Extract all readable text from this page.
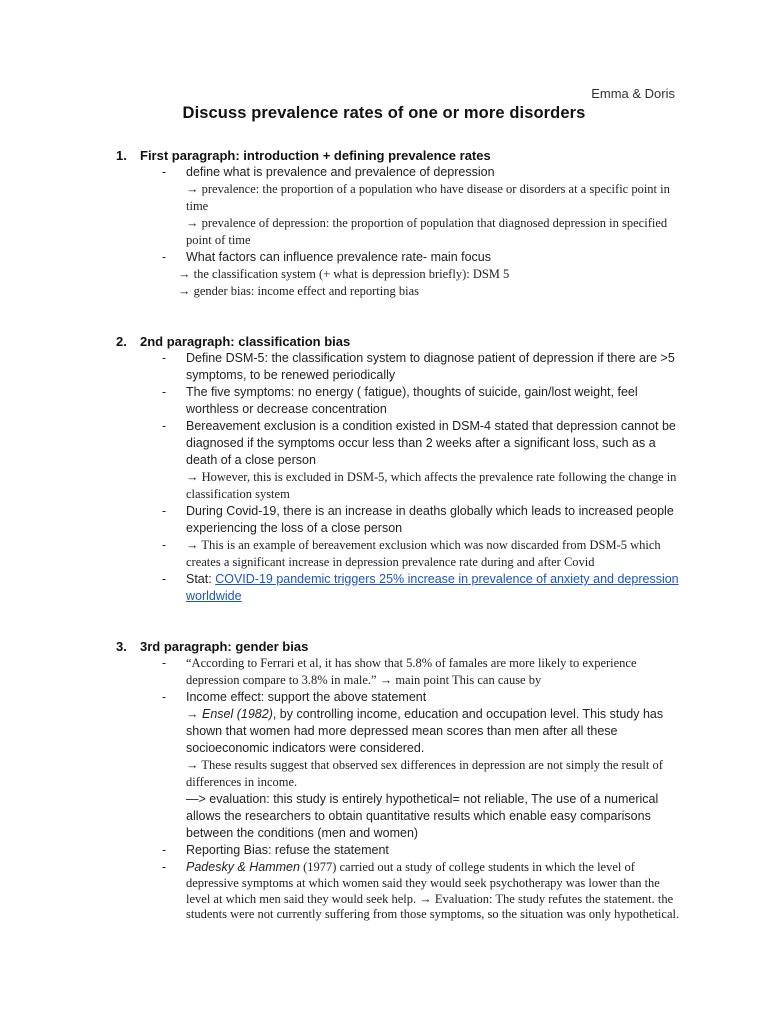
Emma & Doris
Discuss prevalence rates of one or more disorders
1. First paragraph: introduction + defining prevalence rates
- define what is prevalence and prevalence of depression
→ prevalence: the proportion of a population who have disease or disorders at a specific point in time
→ prevalence of depression: the proportion of population that diagnosed depression in specified point of time
- What factors can influence prevalence rate- main focus
→ the classification system (+ what is depression briefly): DSM 5
→ gender bias: income effect and reporting bias
2. 2nd paragraph: classification bias
- Define DSM-5: the classification system to diagnose patient of depression if there are >5 symptoms, to be renewed periodically
- The five symptoms: no energy ( fatigue), thoughts of suicide, gain/lost weight, feel worthless or decrease concentration
- Bereavement exclusion is a condition existed in DSM-4 stated that depression cannot be diagnosed if the symptoms occur less than 2 weeks after a significant loss, such as a death of a close person
→ However, this is excluded in DSM-5, which affects the prevalence rate following the change in classification system
- During Covid-19, there is an increase in deaths globally which leads to increased people experiencing the loss of a close person
- → This is an example of bereavement exclusion which was now discarded from DSM-5 which creates a significant increase in depression prevalence rate during and after Covid
- Stat: COVID-19 pandemic triggers 25% increase in prevalence of anxiety and depression worldwide
3. 3rd paragraph: gender bias
- “According to Ferrari et al, it has show that 5.8% of famales are more likely to experience depression compare to 3.8% in male.” → main point This can cause by
- Income effect: support the above statement
→ Ensel (1982), by controlling income, education and occupation level. This study has shown that women had more depressed mean scores than men after all these socioeconomic indicators were considered.
→ These results suggest that observed sex differences in depression are not simply the result of differences in income.
—> evaluation: this study is entirely hypothetical= not reliable, The use of a numerical allows the researchers to obtain quantitative results which enable easy comparisons between the conditions (men and women)
- Reporting Bias: refuse the statement
- Padesky & Hammen (1977) carried out a study of college students in which the level of depressive symptoms at which women said they would seek psychotherapy was lower than the level at which men said they would seek help. → Evaluation: The study refutes the statement. the students were not currently suffering from those symptoms, so the situation was only hypothetical.
